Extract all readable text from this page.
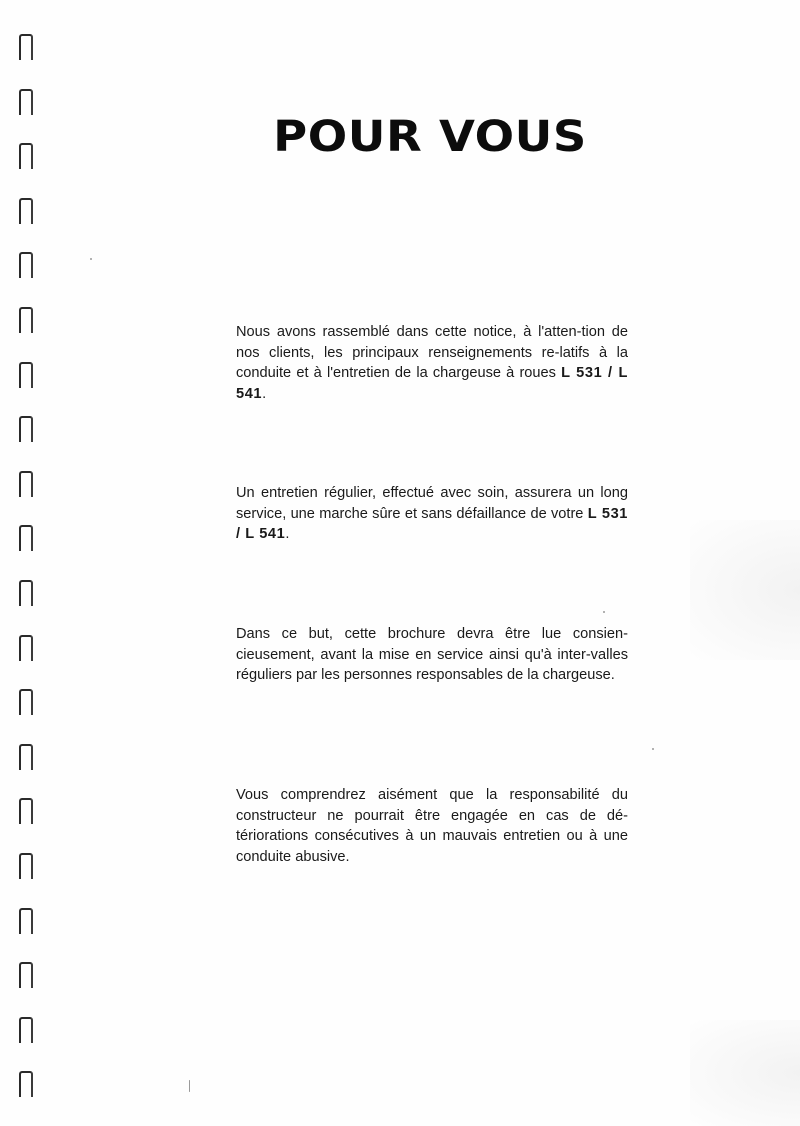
POUR VOUS

Nous avons rassemblé dans cette notice, à l'atten-tion de nos clients, les principaux renseignements re-latifs à la conduite et à l'entretien de la chargeuse à roues L 531 / L 541.

Un entretien régulier, effectué avec soin, assurera un long service, une marche sûre et sans défaillance de votre L 531 / L 541.

Dans ce but, cette brochure devra être lue consien-cieusement, avant la mise en service ainsi qu'à inter-valles réguliers par les personnes responsables de la chargeuse.

Vous comprendrez aisément que la responsabilité du constructeur ne pourrait être engagée en cas de dé-tériorations consécutives à un mauvais entretien ou à une conduite abusive.
